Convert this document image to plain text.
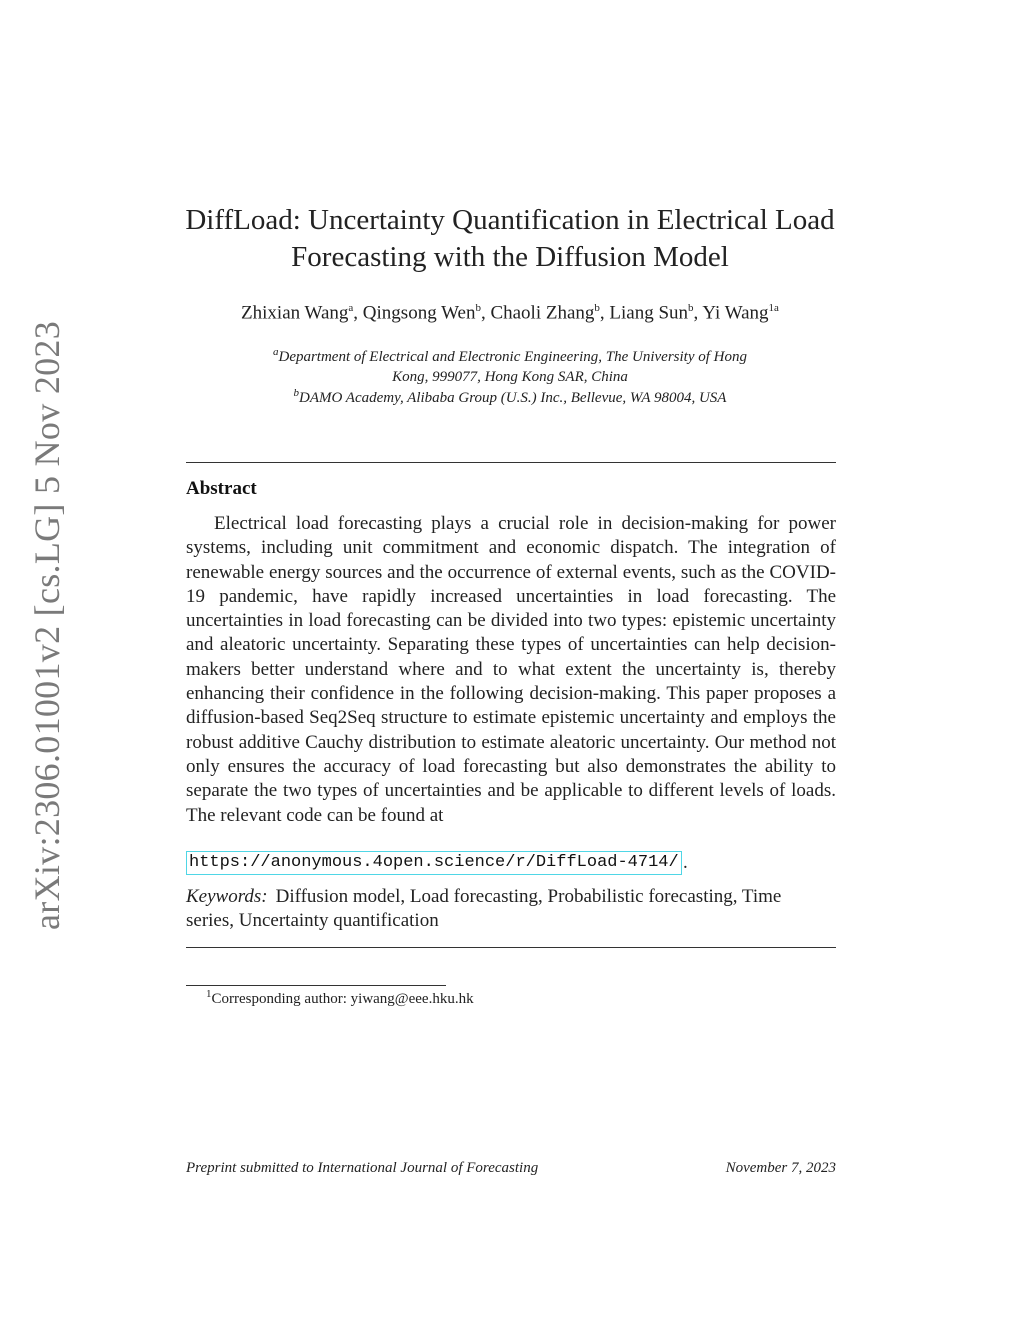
arXiv:2306.01001v2 [cs.LG] 5 Nov 2023
DiffLoad: Uncertainty Quantification in Electrical Load
Forecasting with the Diffusion Model
Zhixian Wang$^a$, Qingsong Wen$^b$, Chaoli Zhang$^b$, Liang Sun$^b$, Yi Wang$^{1a}$
$^a$Department of Electrical and Electronic Engineering, The University of Hong
Kong, 999077, Hong Kong SAR, China
$^b$DAMO Academy, Alibaba Group (U.S.) Inc., Bellevue, WA 98004, USA
Abstract

Electrical load forecasting plays a crucial role in decision-making for power systems, including unit commitment and economic dispatch. The integration of renewable energy sources and the occurrence of external events, such as the COVID-19 pandemic, have rapidly increased uncertainties in load forecasting. The uncertainties in load forecasting can be divided into two types: epistemic uncertainty and aleatoric uncertainty. Separating these types of uncertainties can help decision-makers better understand where and to what extent the uncertainty is, thereby enhancing their confidence in the following decision-making. This paper proposes a diffusion-based Seq2Seq structure to estimate epistemic uncertainty and employs the robust additive Cauchy distribution to estimate aleatoric uncertainty. Our method not only ensures the accuracy of load forecasting but also demonstrates the ability to separate the two types of uncertainties and be applicable to different levels of loads. The relevant code can be found at

https://anonymous.4open.science/r/DiffLoad-4714/ .
Keywords: Diffusion model, Load forecasting, Probabilistic forecasting, Time series, Uncertainty quantification
$^1$Corresponding author: yiwang@eee.hku.hk
Preprint submitted to International Journal of Forecasting	November 7, 2023
